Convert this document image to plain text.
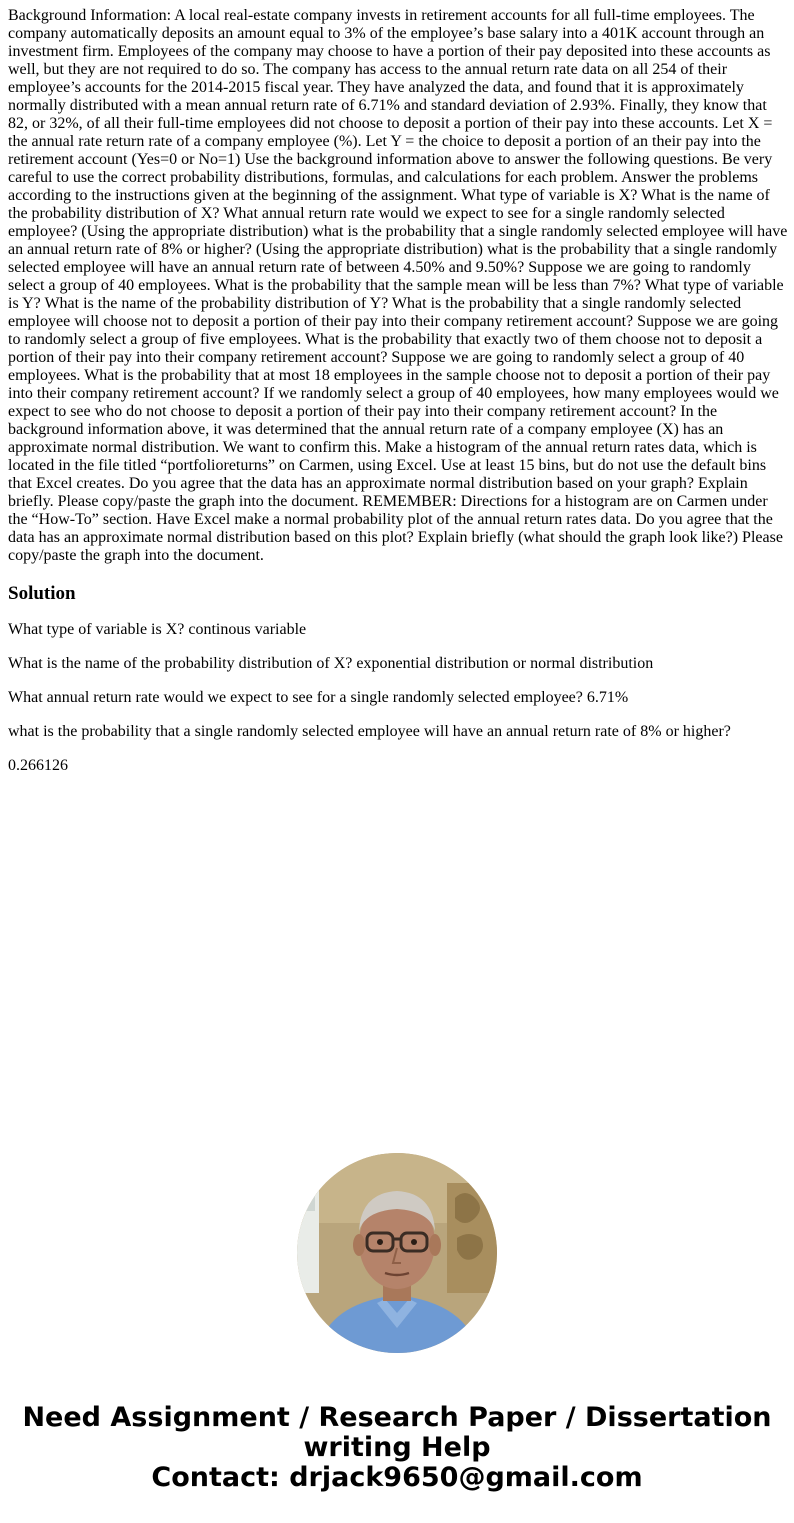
Background Information: A local real-estate company invests in retirement accounts for all full-time employees. The company automatically deposits an amount equal to 3% of the employee’s base salary into a 401K account through an investment firm. Employees of the company may choose to have a portion of their pay deposited into these accounts as well, but they are not required to do so. The company has access to the annual return rate data on all 254 of their employee’s accounts for the 2014-2015 fiscal year. They have analyzed the data, and found that it is approximately normally distributed with a mean annual return rate of 6.71% and standard deviation of 2.93%. Finally, they know that 82, or 32%, of all their full-time employees did not choose to deposit a portion of their pay into these accounts. Let X = the annual rate return rate of a company employee (%). Let Y = the choice to deposit a portion of an their pay into the retirement account (Yes=0 or No=1) Use the background information above to answer the following questions. Be very careful to use the correct probability distributions, formulas, and calculations for each problem. Answer the problems according to the instructions given at the beginning of the assignment. What type of variable is X? What is the name of the probability distribution of X? What annual return rate would we expect to see for a single randomly selected employee? (Using the appropriate distribution) what is the probability that a single randomly selected employee will have an annual return rate of 8% or higher? (Using the appropriate distribution) what is the probability that a single randomly selected employee will have an annual return rate of between 4.50% and 9.50%? Suppose we are going to randomly select a group of 40 employees. What is the probability that the sample mean will be less than 7%? What type of variable is Y? What is the name of the probability distribution of Y? What is the probability that a single randomly selected employee will choose not to deposit a portion of their pay into their company retirement account? Suppose we are going to randomly select a group of five employees. What is the probability that exactly two of them choose not to deposit a portion of their pay into their company retirement account? Suppose we are going to randomly select a group of 40 employees. What is the probability that at most 18 employees in the sample choose not to deposit a portion of their pay into their company retirement account? If we randomly select a group of 40 employees, how many employees would we expect to see who do not choose to deposit a portion of their pay into their company retirement account? In the background information above, it was determined that the annual return rate of a company employee (X) has an approximate normal distribution. We want to confirm this. Make a histogram of the annual return rates data, which is located in the file titled “portfolioreturns” on Carmen, using Excel. Use at least 15 bins, but do not use the default bins that Excel creates. Do you agree that the data has an approximate normal distribution based on your graph? Explain briefly. Please copy/paste the graph into the document. REMEMBER: Directions for a histogram are on Carmen under the “How-To” section. Have Excel make a normal probability plot of the annual return rates data. Do you agree that the data has an approximate normal distribution based on this plot? Explain briefly (what should the graph look like?) Please copy/paste the graph into the document.

Solution

What type of variable is X? continous variable

What is the name of the probability distribution of X? exponential distribution or normal distribution

What annual return rate would we expect to see for a single randomly selected employee? 6.71%

what is the probability that a single randomly selected employee will have an annual return rate of 8% or higher?

0.266126

Need Assignment / Research Paper / Dissertation
writing Help
Contact: drjack9650@gmail.com
